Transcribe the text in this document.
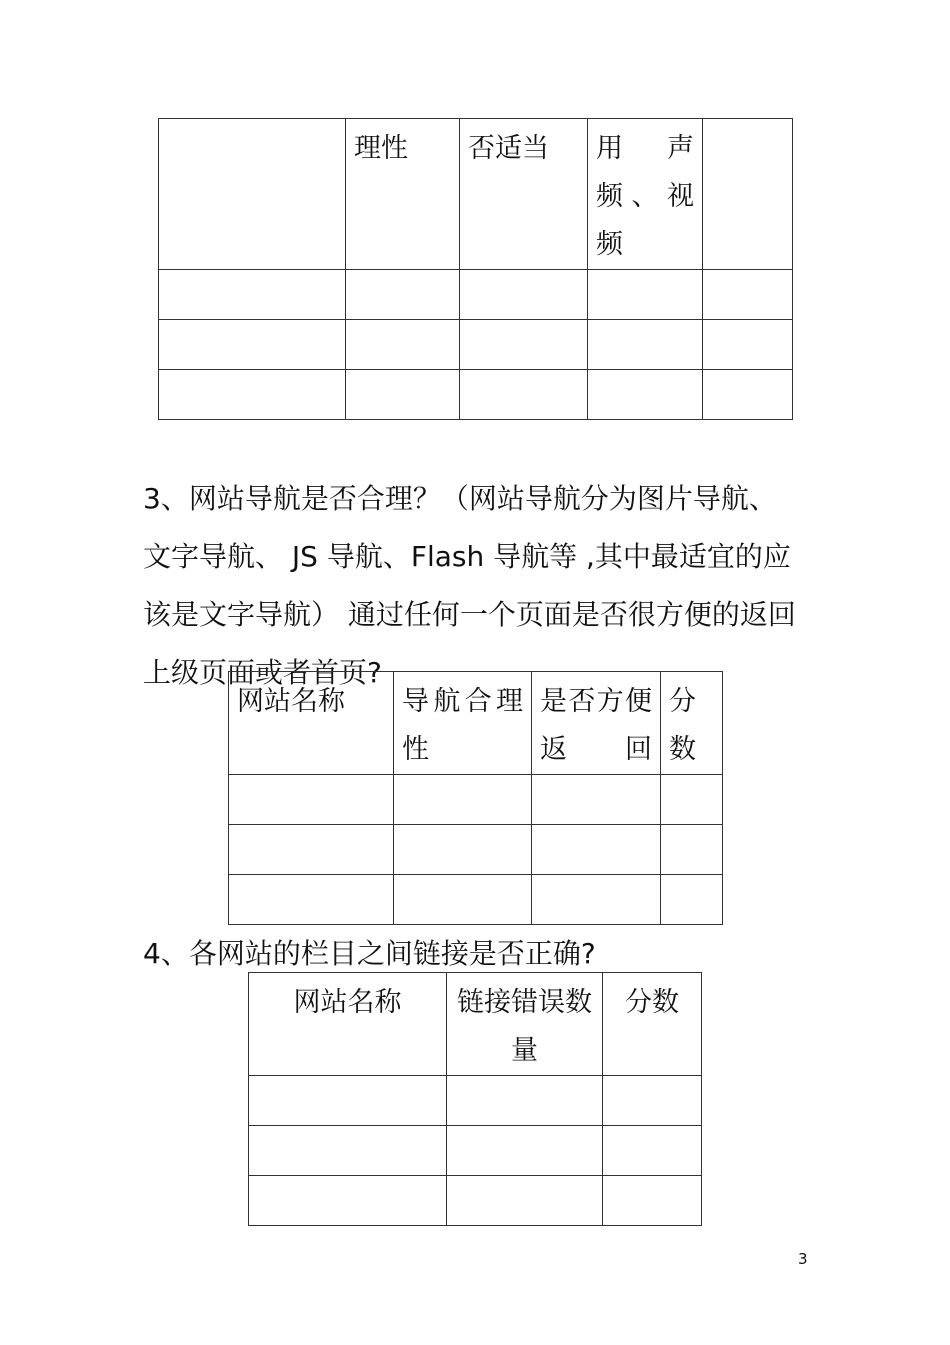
	理性	否适当	用声频、视频	

3、网站导航是否合理？（网站导航分为图片导航、文字导航、 JS 导航、Flash 导航等 ,其中最适宜的应该是文字导航） 通过任何一个页面是否很方便的返回上级页面或者首页?

网站名称	导航合理性	是否方便返回	分数

4、各网站的栏目之间链接是否正确?

网站名称	链接错误数量	分数

3
